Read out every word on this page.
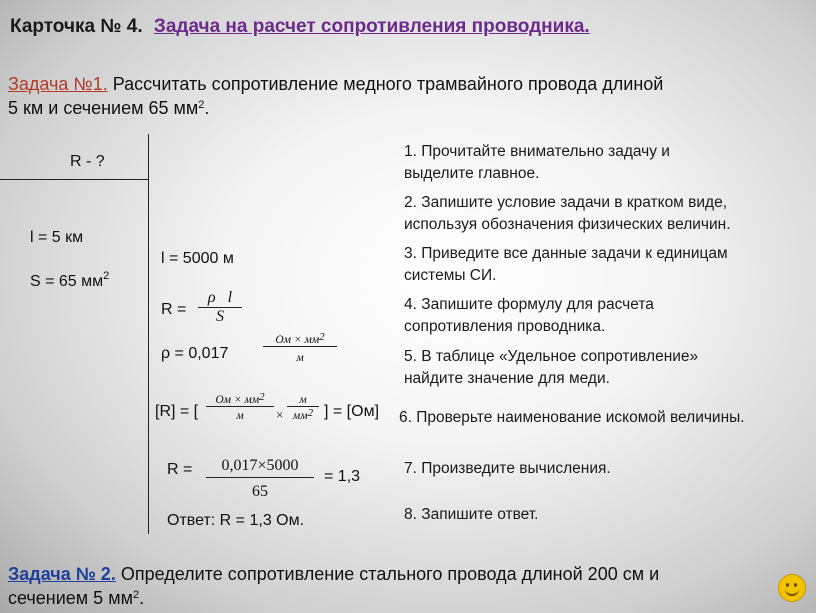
Карточка № 4. Задача на расчет сопротивления проводника.
Задача №1. Рассчитать сопротивление медного трамвайного провода длиной
5 км и сечением 65 $мм^2$.
R - ?
l = 5 км
S = 65 $мм^2$
l = 5000 м
$R = \frac{\text{ρ l}}{S}$
ρ = 0,017
Ом × $мм^2$
м
[R] = [
Ом × $мм^2$
м	×
м
$мм^2$ ] = [Ом]
$R = \frac{0,017\times 5000}{65} = 1,3$
Ответ: R = 1,3 Ом.
1. Прочитайте внимательно задачу и
выделите главное.
2. Запишите условие задачи в кратком виде,
используя обозначения физических величин.
3. Приведите все данные задачи к единицам
системы СИ.
4. Запишите формулу для расчета
сопротивления проводника.
5. В таблице «Удельное сопротивление»
найдите значение для меди.
6. Проверьте наименование искомой величины.
7. Произведите вычисления.
8. Запишите ответ.
Задача № 2. Определите сопротивление стального провода длиной 200 см и
сечением 5 $мм^2$.
